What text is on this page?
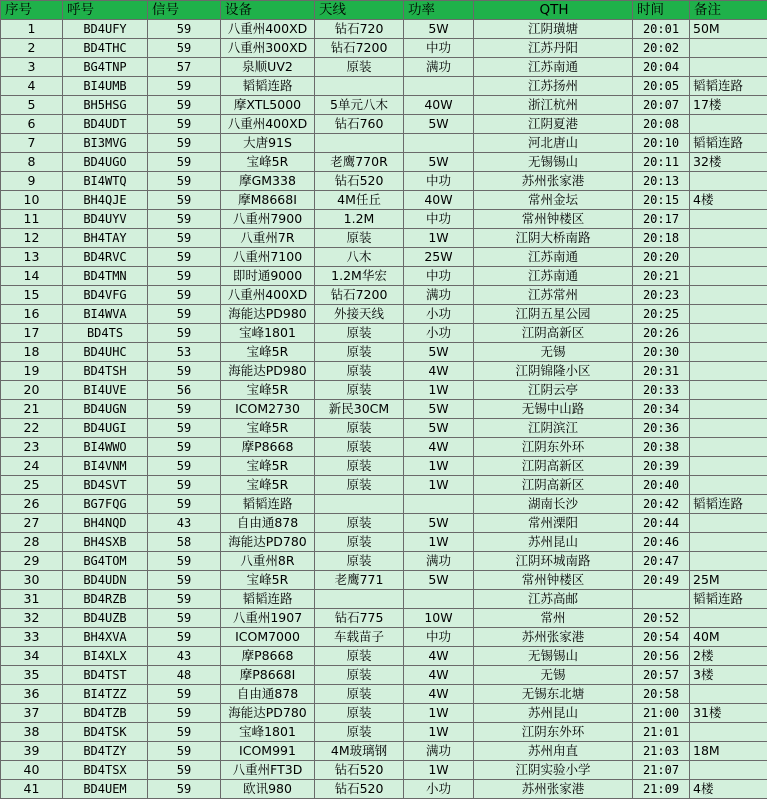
序号	呼号	信号	设备	天线	功率	QTH	时间	备注
1	BD4UFY	59	八重州400XD	钻石720	5W	江阴璜塘	20:01	50M
2	BD4THC	59	八重州300XD	钻石7200	中功	江苏丹阳	20:02	
3	BG4TNP	57	泉顺UV2	原装	满功	江苏南通	20:04	
4	BI4UMB	59	韬韬连路			江苏扬州	20:05	韬韬连路
5	BH5HSG	59	摩XTL5000	5单元八木	40W	浙江杭州	20:07	17楼
6	BD4UDT	59	八重州400XD	钻石760	5W	江阴夏港	20:08	
7	BI3MVG	59	大唐91S			河北唐山	20:10	韬韬连路
8	BD4UGO	59	宝峰5R	老鹰770R	5W	无锡锡山	20:11	32楼
9	BI4WTQ	59	摩GM338	钻石520	中功	苏州张家港	20:13	
10	BH4QJE	59	摩M8668I	4M任丘	40W	常州金坛	20:15	4楼
11	BD4UYV	59	八重州7900	1.2M	中功	常州钟楼区	20:17	
12	BH4TAY	59	八重州7R	原装	1W	江阴大桥南路	20:18	
13	BD4RVC	59	八重州7100	八木	25W	江苏南通	20:20	
14	BD4TMN	59	即时通9000	1.2M华宏	中功	江苏南通	20:21	
15	BD4VFG	59	八重州400XD	钻石7200	满功	江苏常州	20:23	
16	BI4WVA	59	海能达PD980	外接天线	小功	江阴五星公园	20:25	
17	BD4TS	59	宝峰1801	原装	小功	江阴高新区	20:26	
18	BD4UHC	53	宝峰5R	原装	5W	无锡	20:30	
19	BD4TSH	59	海能达PD980	原装	4W	江阴锦隆小区	20:31	
20	BI4UVE	56	宝峰5R	原装	1W	江阴云亭	20:33	
21	BD4UGN	59	ICOM2730	新民30CM	5W	无锡中山路	20:34	
22	BD4UGI	59	宝峰5R	原装	5W	江阴滨江	20:36	
23	BI4WWO	59	摩P8668	原装	4W	江阴东外环	20:38	
24	BI4VNM	59	宝峰5R	原装	1W	江阴高新区	20:39	
25	BD4SVT	59	宝峰5R	原装	1W	江阴高新区	20:40	
26	BG7FQG	59	韬韬连路			湖南长沙	20:42	韬韬连路
27	BH4NQD	43	自由通878	原装	5W	常州溧阳	20:44	
28	BH4SXB	58	海能达PD780	原装	1W	苏州昆山	20:46	
29	BG4TOM	59	八重州8R	原装	满功	江阴环城南路	20:47	
30	BD4UDN	59	宝峰5R	老鹰771	5W	常州钟楼区	20:49	25M
31	BD4RZB	59	韬韬连路			江苏高邮		韬韬连路
32	BD4UZB	59	八重州1907	钻石775	10W	常州	20:52	
33	BH4XVA	59	ICOM7000	车载苗子	中功	苏州张家港	20:54	40M
34	BI4XLX	43	摩P8668	原装	4W	无锡锡山	20:56	2楼
35	BD4TST	48	摩P8668I	原装	4W	无锡	20:57	3楼
36	BI4TZZ	59	自由通878	原装	4W	无锡东北塘	20:58	
37	BD4TZB	59	海能达PD780	原装	1W	苏州昆山	21:00	31楼
38	BD4TSK	59	宝峰1801	原装	1W	江阴东外环	21:01	
39	BD4TZY	59	ICOM991	4M玻璃钢	满功	苏州甪直	21:03	18M
40	BD4TSX	59	八重州FT3D	钻石520	1W	江阴实验小学	21:07	
41	BD4UEM	59	欧讯980	钻石520	小功	苏州张家港	21:09	4楼
